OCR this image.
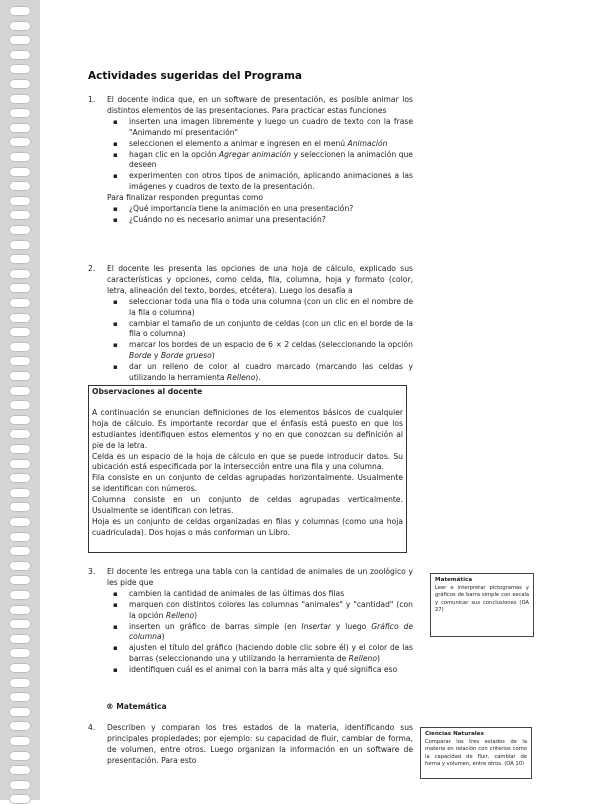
Actividades sugeridas del Programa
1. El docente indica que, en un software de presentación, es posible animar los distintos elementos de las presentaciones. Para practicar estas funciones
▪ inserten una imagen libremente y luego un cuadro de texto con la frase "Animando mi presentación"
▪ seleccionen el elemento a animar e ingresen en el menú Animación
▪ hagan clic en la opción Agregar animación y seleccionen la animación que deseen
▪ experimenten con otros tipos de animación, aplicando animaciones a las imágenes y cuadros de texto de la presentación.
Para finalizar responden preguntas como
▪ ¿Qué importancia tiene la animación en una presentación?
▪ ¿Cuándo no es necesario animar una presentación?
2. El docente les presenta las opciones de una hoja de cálculo, explicado sus características y opciones, como celda, fila, columna, hoja y formato (color, letra, alineación del texto, bordes, etcétera). Luego los desafía a
▪ seleccionar toda una fila o toda una columna (con un clic en el nombre de la fila o columna)
▪ cambiar el tamaño de un conjunto de celdas (con un clic en el borde de la fila o columna)
▪ marcar los bordes de un espacio de 6 × 2 celdas (seleccionando la opción Borde y Borde grueso)
▪ dar un relleno de color al cuadro marcado (marcando las celdas y utilizando la herramienta Relleno).
Observaciones al docente

A continuación se enuncian definiciones de los elementos básicos de cualquier hoja de cálculo. Es importante recordar que el énfasis está puesto en que los estudiantes identifiquen estos elementos y no en que conozcan su definición al pie de la letra.

Celda es un espacio de la hoja de cálculo en que se puede introducir datos. Su ubicación está especificada por la intersección entre una fila y una columna.

Fila consiste en un conjunto de celdas agrupadas horizontalmente. Usualmente se identifican con números.

Columna consiste en un conjunto de celdas agrupadas verticalmente. Usualmente se identifican con letras.

Hoja es un conjunto de celdas organizadas en filas y columnas (como una hoja cuadriculada). Dos hojas o más conforman un Libro.

3. El docente les entrega una tabla con la cantidad de animales de un zoológico y les pide que
▪ cambien la cantidad de animales de las últimas dos filas
▪ marquen con distintos colores las columnas "animales" y "cantidad" (con la opción Relleno)
▪ inserten un gráfico de barras simple (en Insertar y luego Gráfico de columna)
▪ ajusten el título del gráfico (haciendo doble clic sobre él) y el color de las barras (seleccionando una y utilizando la herramienta de Relleno)
▪ identifiquen cuál es el animal con la barra más alta y qué significa eso
® Matemática
4. Describen y comparan los tres estados de la materia, identificando sus principales propiedades; por ejemplo: su capacidad de fluir, cambiar de forma, de volumen, entre otros. Luego organizan la información en un software de presentación. Para esto
Matemática
Leer e interpretar pictogramas y gráficos de barra simple con escala y comunicar sus conclusiones (OA 27)
Ciencias Naturales
Comparar los tres estados de la materia en relación con criterios como la capacidad de fluir, cambiar de forma y volumen, entre otros. (OA 10)
